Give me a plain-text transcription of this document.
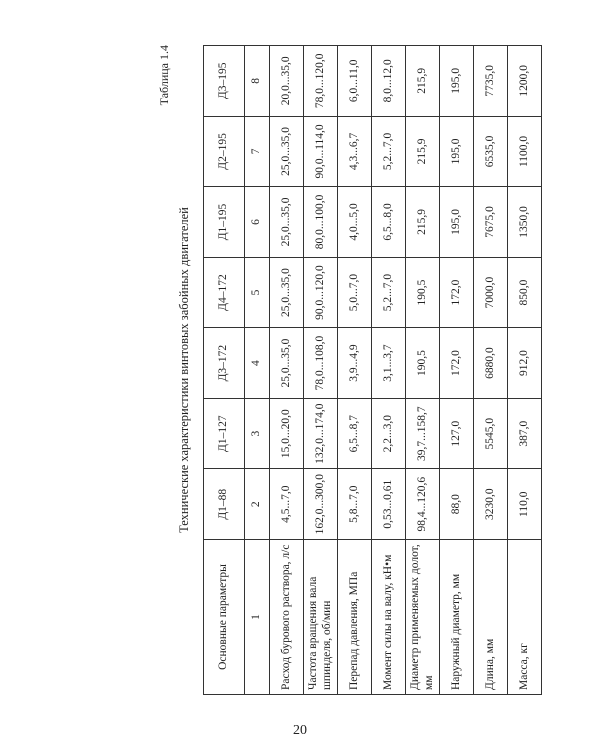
Таблица 1.4
Технические характеристики винтовых забойных двигателей
Основные параметры	Д1–88	Д1–127	Д3–172	Д4–172	Д1–195	Д2–195	Д3–195
1	2	3	4	5	6	7	8
Расход бурового раствора, л/с	4,5...7,0	15,0...20,0	25,0...35,0	25,0...35,0	25,0...35,0	25,0...35,0	20,0...35,0
Частота вращения вала шпинделя, об/мин	162,0...300,0	132,0...174,0	78,0...108,0	90,0...120,0	80,0...100,0	90,0...114,0	78,0...120,0
Перепад давления, МПа	5,8...7,0	6,5...8,7	3,9...4,9	5,0...7,0	4,0...5,0	4,3...6,7	6,0...11,0
Момент силы на валу, кН•м	0,53...0,61	2,2...3,0	3,1...3,7	5,2...7,0	6,5...8,0	5,2...7,0	8,0...12,0
Диаметр применяемых долот, мм	98,4...120,6	39,7...158,7	190,5	190,5	215,9	215,9	215,9
Наружный диаметр, мм	88,0	127,0	172,0	172,0	195,0	195,0	195,0
Длина, мм	3230,0	5545,0	6880,0	7000,0	7675,0	6535,0	7735,0
Масса, кг	110,0	387,0	912,0	850,0	1350,0	1100,0	1200,0
20
